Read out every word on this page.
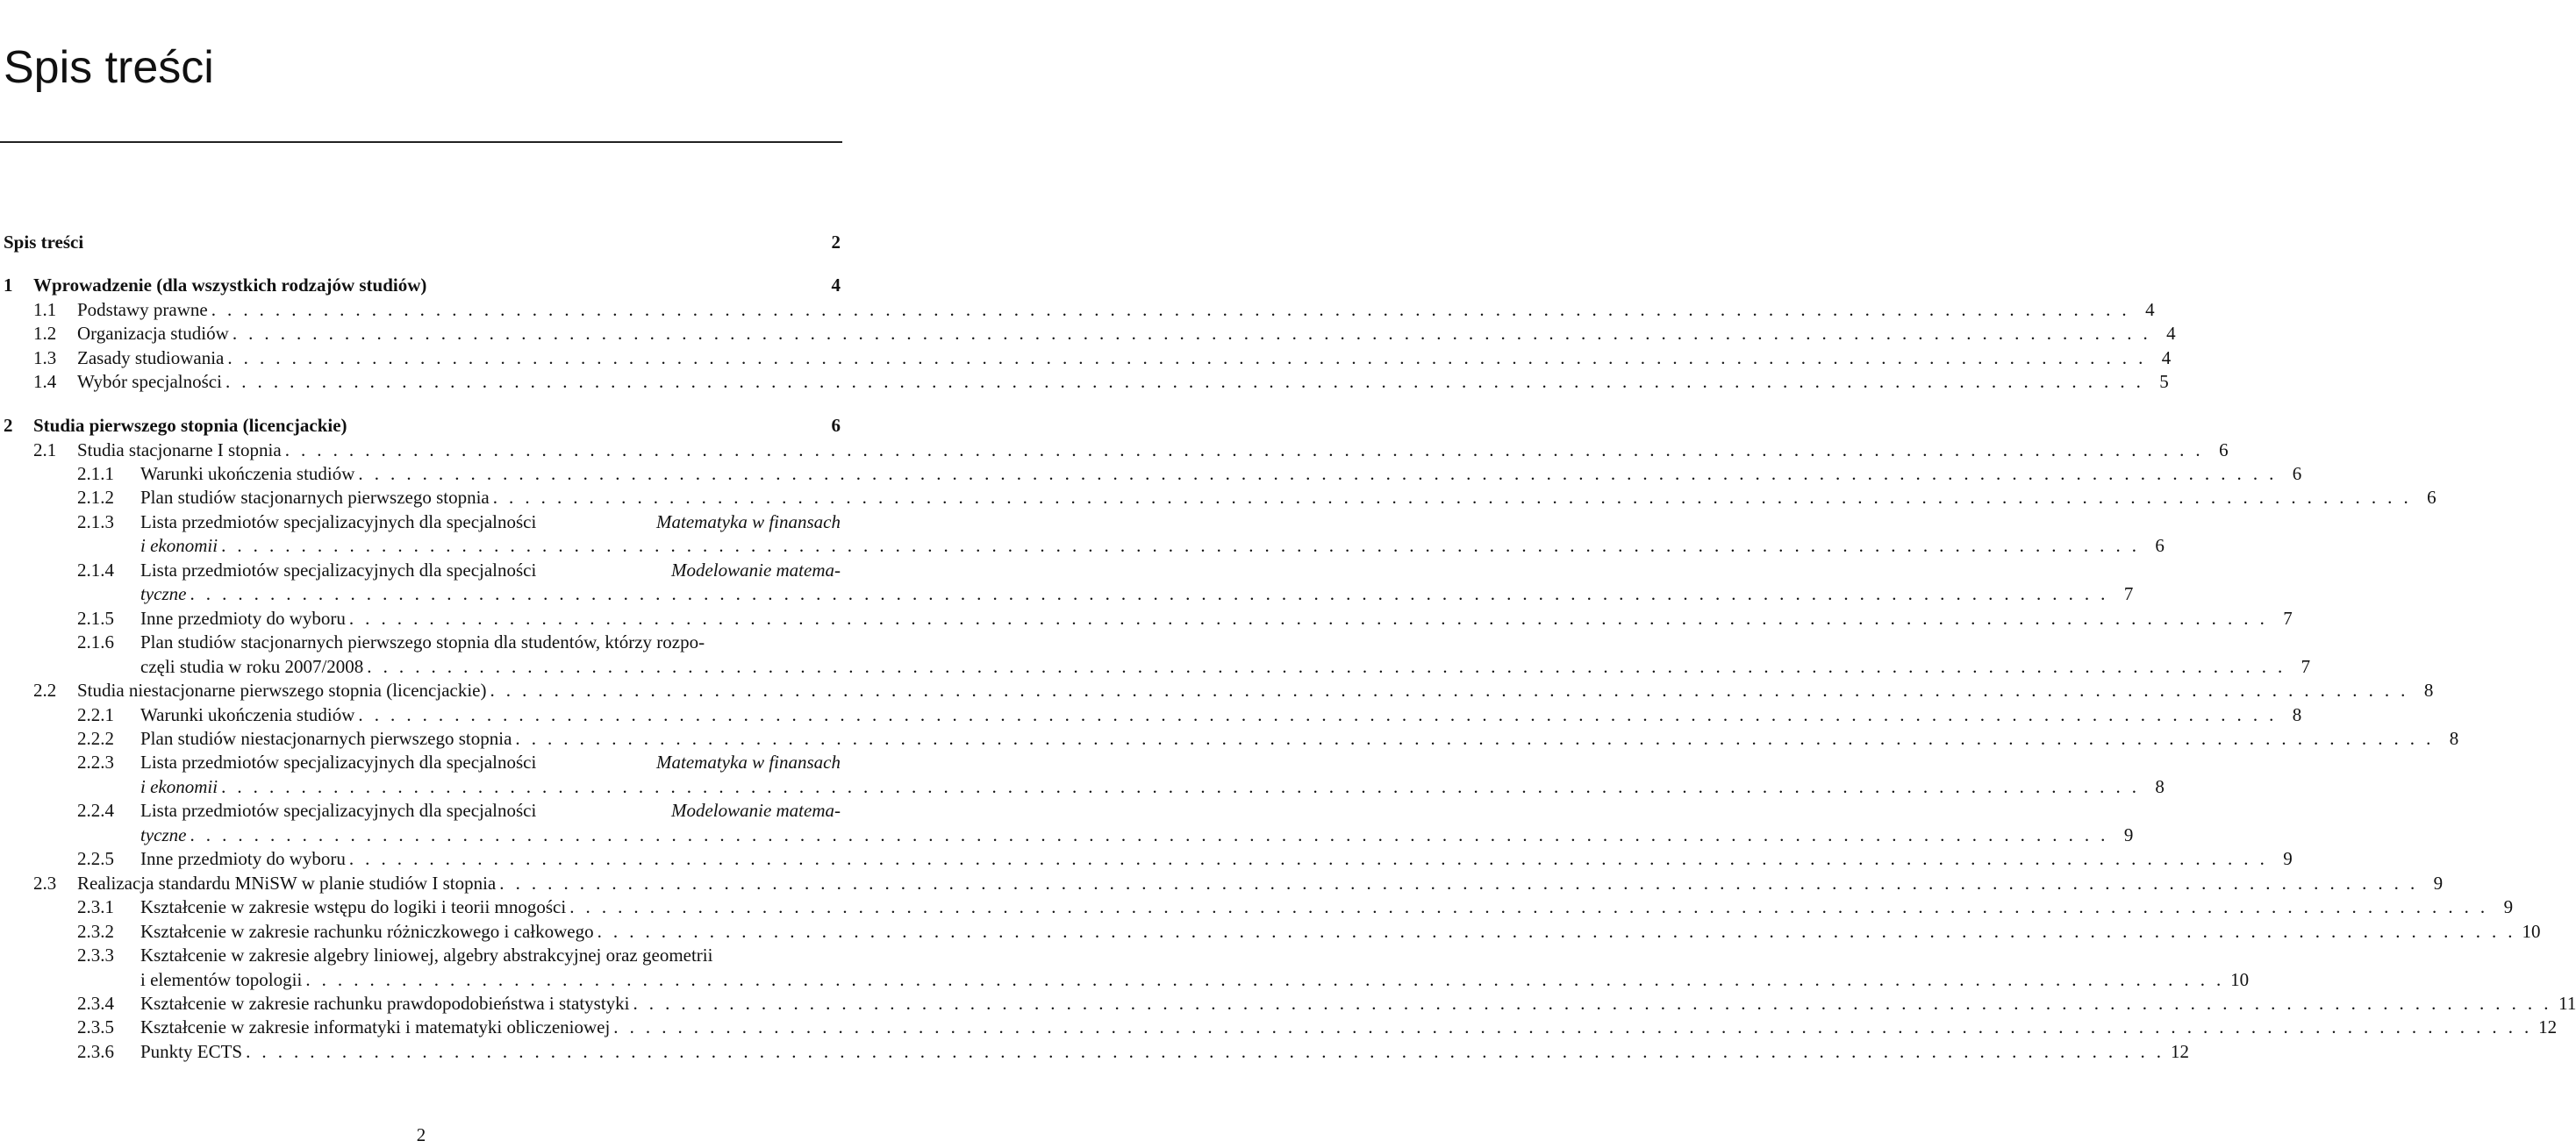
Spis treści
Spis treści	2
1 Wprowadzenie (dla wszystkich rodzajów studiów)	4
1.1 Podstawy prawne . . . . . . . . . . . . . . . . . . . . . . . . . . . . . . . . . . . . . . . . . . . . . . . . . . . . . . . . . . . . . . . . . . . . . . . . . . . . . . . . . . . . . . . . . . . . . . . . . . . . . . . . . . . . . . . . . . . . . . . . 4
1.2 Organizacja studiów . . . . . . . . . . . . . . . . . . . . . . . . . . . . . . . . . . . . . . . . . . . . . . . . . . . . . . . . . . . . . . . . . . . . . . . . . . . . . . . . . . . . . . . . . . . . . . . . . . . . . . . . . . . . . . . . . . . . . . . . 4
1.3 Zasady studiowania . . . . . . . . . . . . . . . . . . . . . . . . . . . . . . . . . . . . . . . . . . . . . . . . . . . . . . . . . . . . . . . . . . . . . . . . . . . . . . . . . . . . . . . . . . . . . . . . . . . . . . . . . . . . . . . . . . . . . . . . 4
1.4 Wybór specjalności . . . . . . . . . . . . . . . . . . . . . . . . . . . . . . . . . . . . . . . . . . . . . . . . . . . . . . . . . . . . . . . . . . . . . . . . . . . . . . . . . . . . . . . . . . . . . . . . . . . . . . . . . . . . . . . . . . . . . . . . 5
2 Studia pierwszego stopnia (licencjackie)	6
2.1 Studia stacjonarne I stopnia . . . . . . . . . . . . . . . . . . . . . . . . . . . . . . . . . . . . . . . . . . . . . . . . . . . . . . . . . . . . . . . . . . . . . . . . . . . . . . . . . . . . . . . . . . . . . . . . . . . . . . . . . . . . . . . . . . . . . . . . 6
2.1.1 Warunki ukończenia studiów . . . . . . . . . . . . . . . . . . . . . . . . . . . . . . . . . . . . . . . . . . . . . . . . . . . . . . . . . . . . . . . . . . . . . . . . . . . . . . . . . . . . . . . . . . . . . . . . . . . . . . . . . . . . . . . . . . . . . . . . 6
2.1.2 Plan studiów stacjonarnych pierwszego stopnia . . . . . . . . . . . . . . . . . . . . . . . . . . . . . . . . . . . . . . . . . . . . . . . . . . . . . . . . . . . . . . . . . . . . . . . . . . . . . . . . . . . . . . . . . . . . . . . . . . . . . . . . . . . . . . . . . . . . . . . . 6
2.1.3 Lista przedmiotów specjalizacyjnych dla specjalności	Matematyka w finansach
i ekonomii . . . . . . . . . . . . . . . . . . . . . . . . . . . . . . . . . . . . . . . . . . . . . . . . . . . . . . . . . . . . . . . . . . . . . . . . . . . . . . . . . . . . . . . . . . . . . . . . . . . . . . . . . . . . . . . . . . . . . . . . 6
2.1.4 Lista przedmiotów specjalizacyjnych dla specjalności	Modelowanie matema-
tyczne . . . . . . . . . . . . . . . . . . . . . . . . . . . . . . . . . . . . . . . . . . . . . . . . . . . . . . . . . . . . . . . . . . . . . . . . . . . . . . . . . . . . . . . . . . . . . . . . . . . . . . . . . . . . . . . . . . . . . . . . 7
2.1.5 Inne przedmioty do wyboru . . . . . . . . . . . . . . . . . . . . . . . . . . . . . . . . . . . . . . . . . . . . . . . . . . . . . . . . . . . . . . . . . . . . . . . . . . . . . . . . . . . . . . . . . . . . . . . . . . . . . . . . . . . . . . . . . . . . . . . . 7
2.1.6 Plan studiów stacjonarnych pierwszego stopnia dla studentów, którzy rozpo-
częli studia w roku 2007/2008 . . . . . . . . . . . . . . . . . . . . . . . . . . . . . . . . . . . . . . . . . . . . . . . . . . . . . . . . . . . . . . . . . . . . . . . . . . . . . . . . . . . . . . . . . . . . . . . . . . . . . . . . . . . . . . . . . . . . . . . . 7
2.2 Studia niestacjonarne pierwszego stopnia (licencjackie) . . . . . . . . . . . . . . . . . . . . . . . . . . . . . . . . . . . . . . . . . . . . . . . . . . . . . . . . . . . . . . . . . . . . . . . . . . . . . . . . . . . . . . . . . . . . . . . . . . . . . . . . . . . . . . . . . . . . . . . . 8
2.2.1 Warunki ukończenia studiów . . . . . . . . . . . . . . . . . . . . . . . . . . . . . . . . . . . . . . . . . . . . . . . . . . . . . . . . . . . . . . . . . . . . . . . . . . . . . . . . . . . . . . . . . . . . . . . . . . . . . . . . . . . . . . . . . . . . . . . . 8
2.2.2 Plan studiów niestacjonarnych pierwszego stopnia . . . . . . . . . . . . . . . . . . . . . . . . . . . . . . . . . . . . . . . . . . . . . . . . . . . . . . . . . . . . . . . . . . . . . . . . . . . . . . . . . . . . . . . . . . . . . . . . . . . . . . . . . . . . . . . . . . . . . . . . 8
2.2.3 Lista przedmiotów specjalizacyjnych dla specjalności	Matematyka w finansach
i ekonomii . . . . . . . . . . . . . . . . . . . . . . . . . . . . . . . . . . . . . . . . . . . . . . . . . . . . . . . . . . . . . . . . . . . . . . . . . . . . . . . . . . . . . . . . . . . . . . . . . . . . . . . . . . . . . . . . . . . . . . . . 8
2.2.4 Lista przedmiotów specjalizacyjnych dla specjalności	Modelowanie matema-
tyczne . . . . . . . . . . . . . . . . . . . . . . . . . . . . . . . . . . . . . . . . . . . . . . . . . . . . . . . . . . . . . . . . . . . . . . . . . . . . . . . . . . . . . . . . . . . . . . . . . . . . . . . . . . . . . . . . . . . . . . . . 9
2.2.5 Inne przedmioty do wyboru . . . . . . . . . . . . . . . . . . . . . . . . . . . . . . . . . . . . . . . . . . . . . . . . . . . . . . . . . . . . . . . . . . . . . . . . . . . . . . . . . . . . . . . . . . . . . . . . . . . . . . . . . . . . . . . . . . . . . . . . 9
2.3 Realizacja standardu MNiSW w planie studiów I stopnia . . . . . . . . . . . . . . . . . . . . . . . . . . . . . . . . . . . . . . . . . . . . . . . . . . . . . . . . . . . . . . . . . . . . . . . . . . . . . . . . . . . . . . . . . . . . . . . . . . . . . . . . . . . . . . . . . . . . . . . . 9
2.3.1 Kształcenie w zakresie wstępu do logiki i teorii mnogości . . . . . . . . . . . . . . . . . . . . . . . . . . . . . . . . . . . . . . . . . . . . . . . . . . . . . . . . . . . . . . . . . . . . . . . . . . . . . . . . . . . . . . . . . . . . . . . . . . . . . . . . . . . . . . . . . . . . . . . . 9
2.3.2 Kształcenie w zakresie rachunku różniczkowego i całkowego . . . . . . . . . . . . . . . . . . . . . . . . . . . . . . . . . . . . . . . . . . . . . . . . . . . . . . . . . . . . . . . . . . . . . . . . . . . . . . . . . . . . . . . . . . . . . . . . . . . . . . . . . . . . . . . . . . . . . . . . 10
2.3.3 Kształcenie w zakresie algebry liniowej, algebry abstrakcyjnej oraz geometrii
i elementów topologii . . . . . . . . . . . . . . . . . . . . . . . . . . . . . . . . . . . . . . . . . . . . . . . . . . . . . . . . . . . . . . . . . . . . . . . . . . . . . . . . . . . . . . . . . . . . . . . . . . . . . . . . . . . . . . . . . . . . . . . . 10
2.3.4 Kształcenie w zakresie rachunku prawdopodobieństwa i statystyki . . . . . . . . . . . . . . . . . . . . . . . . . . . . . . . . . . . . . . . . . . . . . . . . . . . . . . . . . . . . . . . . . . . . . . . . . . . . . . . . . . . . . . . . . . . . . . . . . . . . . . . . . . . . . . . . . . . . . . . . 11
2.3.5 Kształcenie w zakresie informatyki i matematyki obliczeniowej . . . . . . . . . . . . . . . . . . . . . . . . . . . . . . . . . . . . . . . . . . . . . . . . . . . . . . . . . . . . . . . . . . . . . . . . . . . . . . . . . . . . . . . . . . . . . . . . . . . . . . . . . . . . . . . . . . . . . . . . 12
2.3.6 Punkty ECTS . . . . . . . . . . . . . . . . . . . . . . . . . . . . . . . . . . . . . . . . . . . . . . . . . . . . . . . . . . . . . . . . . . . . . . . . . . . . . . . . . . . . . . . . . . . . . . . . . . . . . . . . . . . . . . . . . . . . . . . . 12
2
